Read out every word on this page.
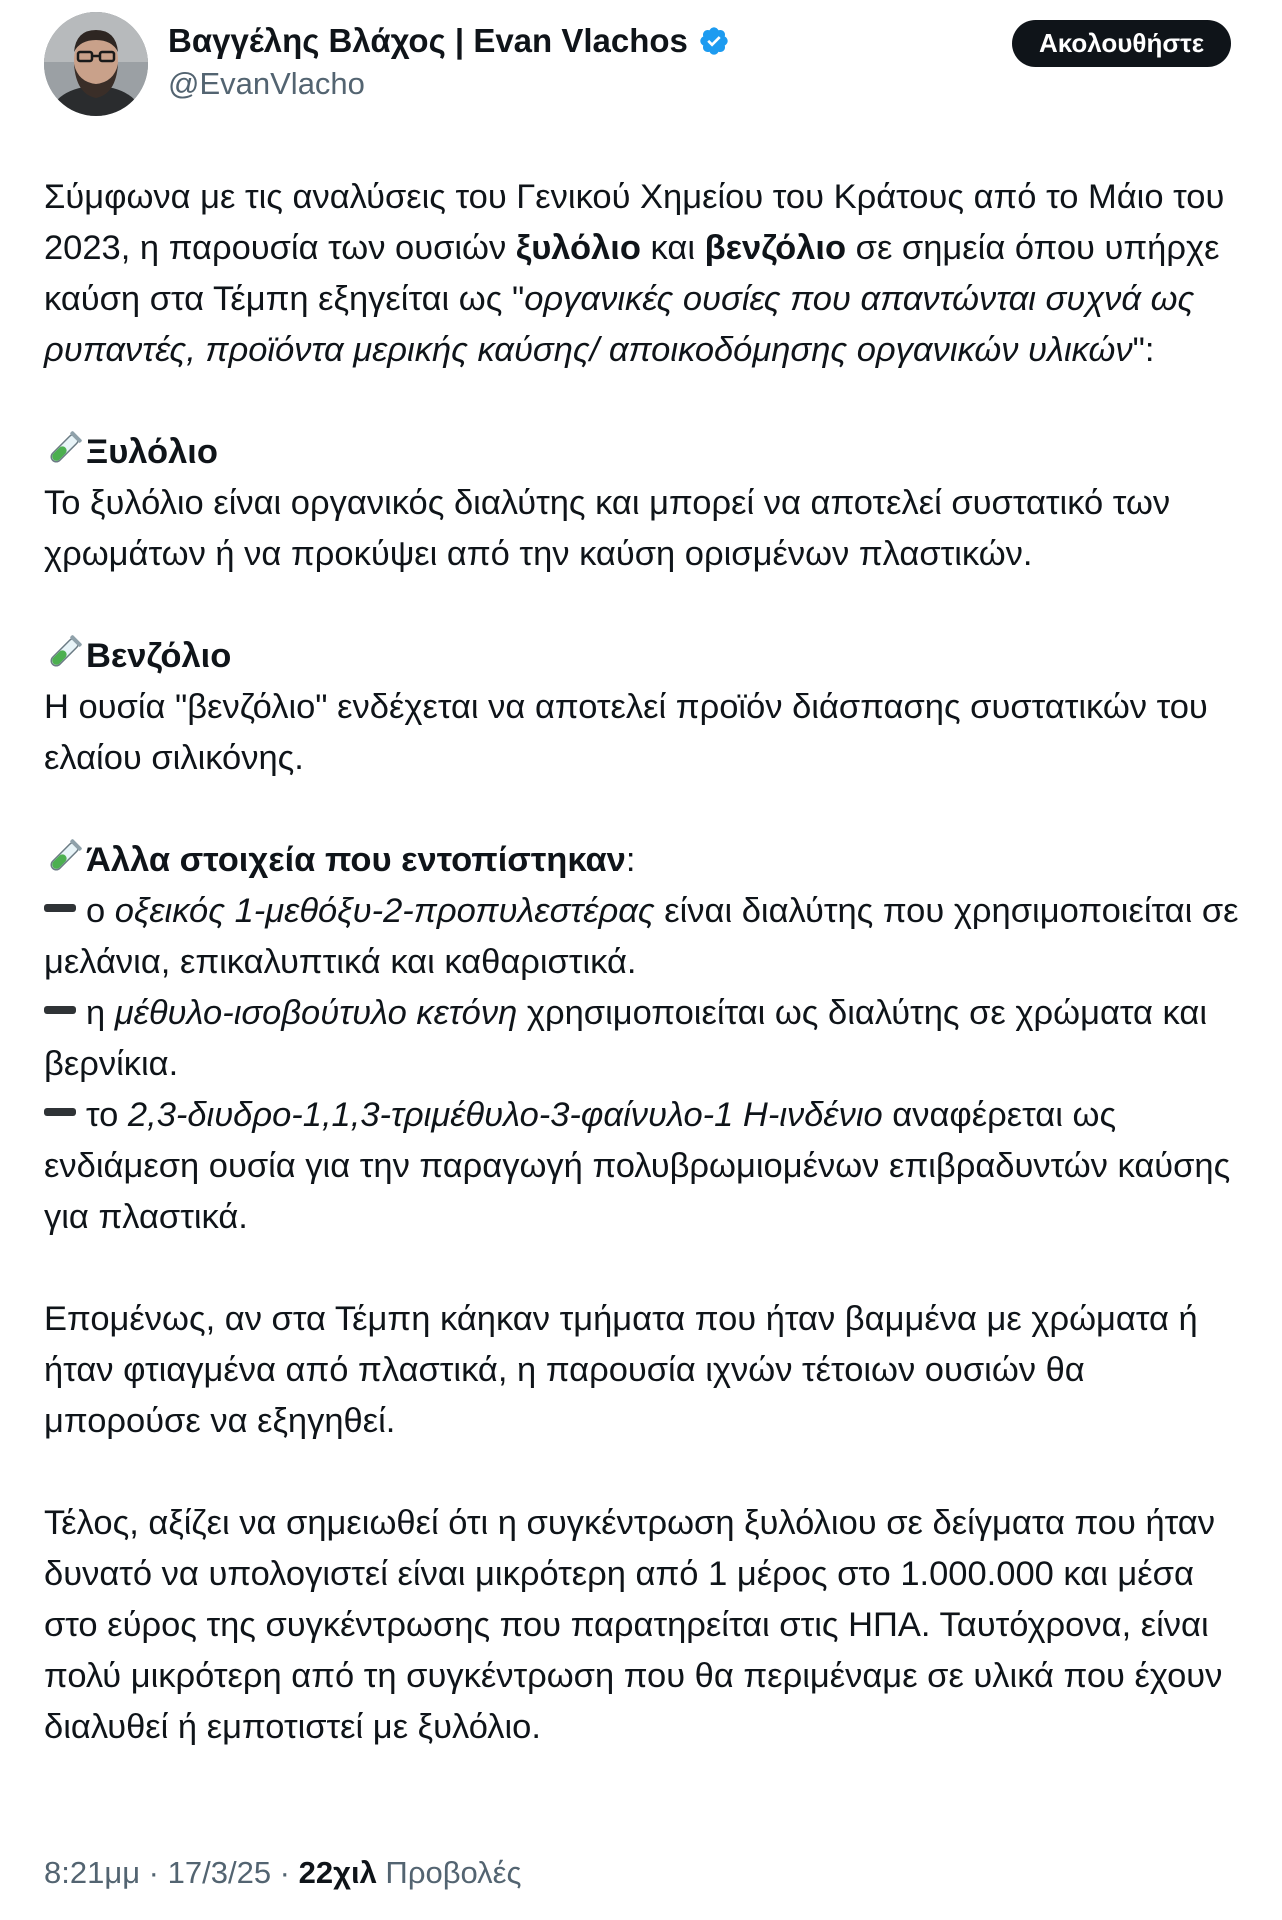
Βαγγέλης Βλάχος | Evan Vlachos
@EvanVlacho
Ακολουθήστε

Σύμφωνα με τις αναλύσεις του Γενικού Χημείου του Κράτους από το Μάιο του 2023, η παρουσία των ουσιών ξυλόλιο και βενζόλιο σε σημεία όπου υπήρχε καύση στα Τέμπη εξηγείται ως "οργανικές ουσίες που απαντώνται συχνά ως ρυπαντές, προϊόντα μερικής καύσης/ αποικοδόμησης οργανικών υλικών":

Ξυλόλιο
Το ξυλόλιο είναι οργανικός διαλύτης και μπορεί να αποτελεί συστατικό των χρωμάτων ή να προκύψει από την καύση ορισμένων πλαστικών.

Βενζόλιο
Η ουσία "βενζόλιο" ενδέχεται να αποτελεί προϊόν διάσπασης συστατικών του ελαίου σιλικόνης.

Άλλα στοιχεία που εντοπίστηκαν:
ο οξεικός 1-μεθόξυ-2-προπυλεστέρας είναι διαλύτης που χρησιμοποιείται σε μελάνια, επικαλυπτικά και καθαριστικά.
η μέθυλο-ισοβούτυλο κετόνη χρησιμοποιείται ως διαλύτης σε χρώματα και βερνίκια.
το 2,3-διυδρο-1,1,3-τριμέθυλο-3-φαίνυλο-1 Η-ινδένιο αναφέρεται ως ενδιάμεση ουσία για την παραγωγή πολυβρωμιομένων επιβραδυντών καύσης για πλαστικά.

Επομένως, αν στα Τέμπη κάηκαν τμήματα που ήταν βαμμένα με χρώματα ή ήταν φτιαγμένα από πλαστικά, η παρουσία ιχνών τέτοιων ουσιών θα μπορούσε να εξηγηθεί.

Τέλος, αξίζει να σημειωθεί ότι η συγκέντρωση ξυλόλιου σε δείγματα που ήταν δυνατό να υπολογιστεί είναι μικρότερη από 1 μέρος στο 1.000.000 και μέσα στο εύρος της συγκέντρωσης που παρατηρείται στις ΗΠΑ. Ταυτόχρονα, είναι πολύ μικρότερη από τη συγκέντρωση που θα περιμέναμε σε υλικά που έχουν διαλυθεί ή εμποτιστεί με ξυλόλιο.

8:21μμ · 17/3/25 · 22χιλ Προβολές
